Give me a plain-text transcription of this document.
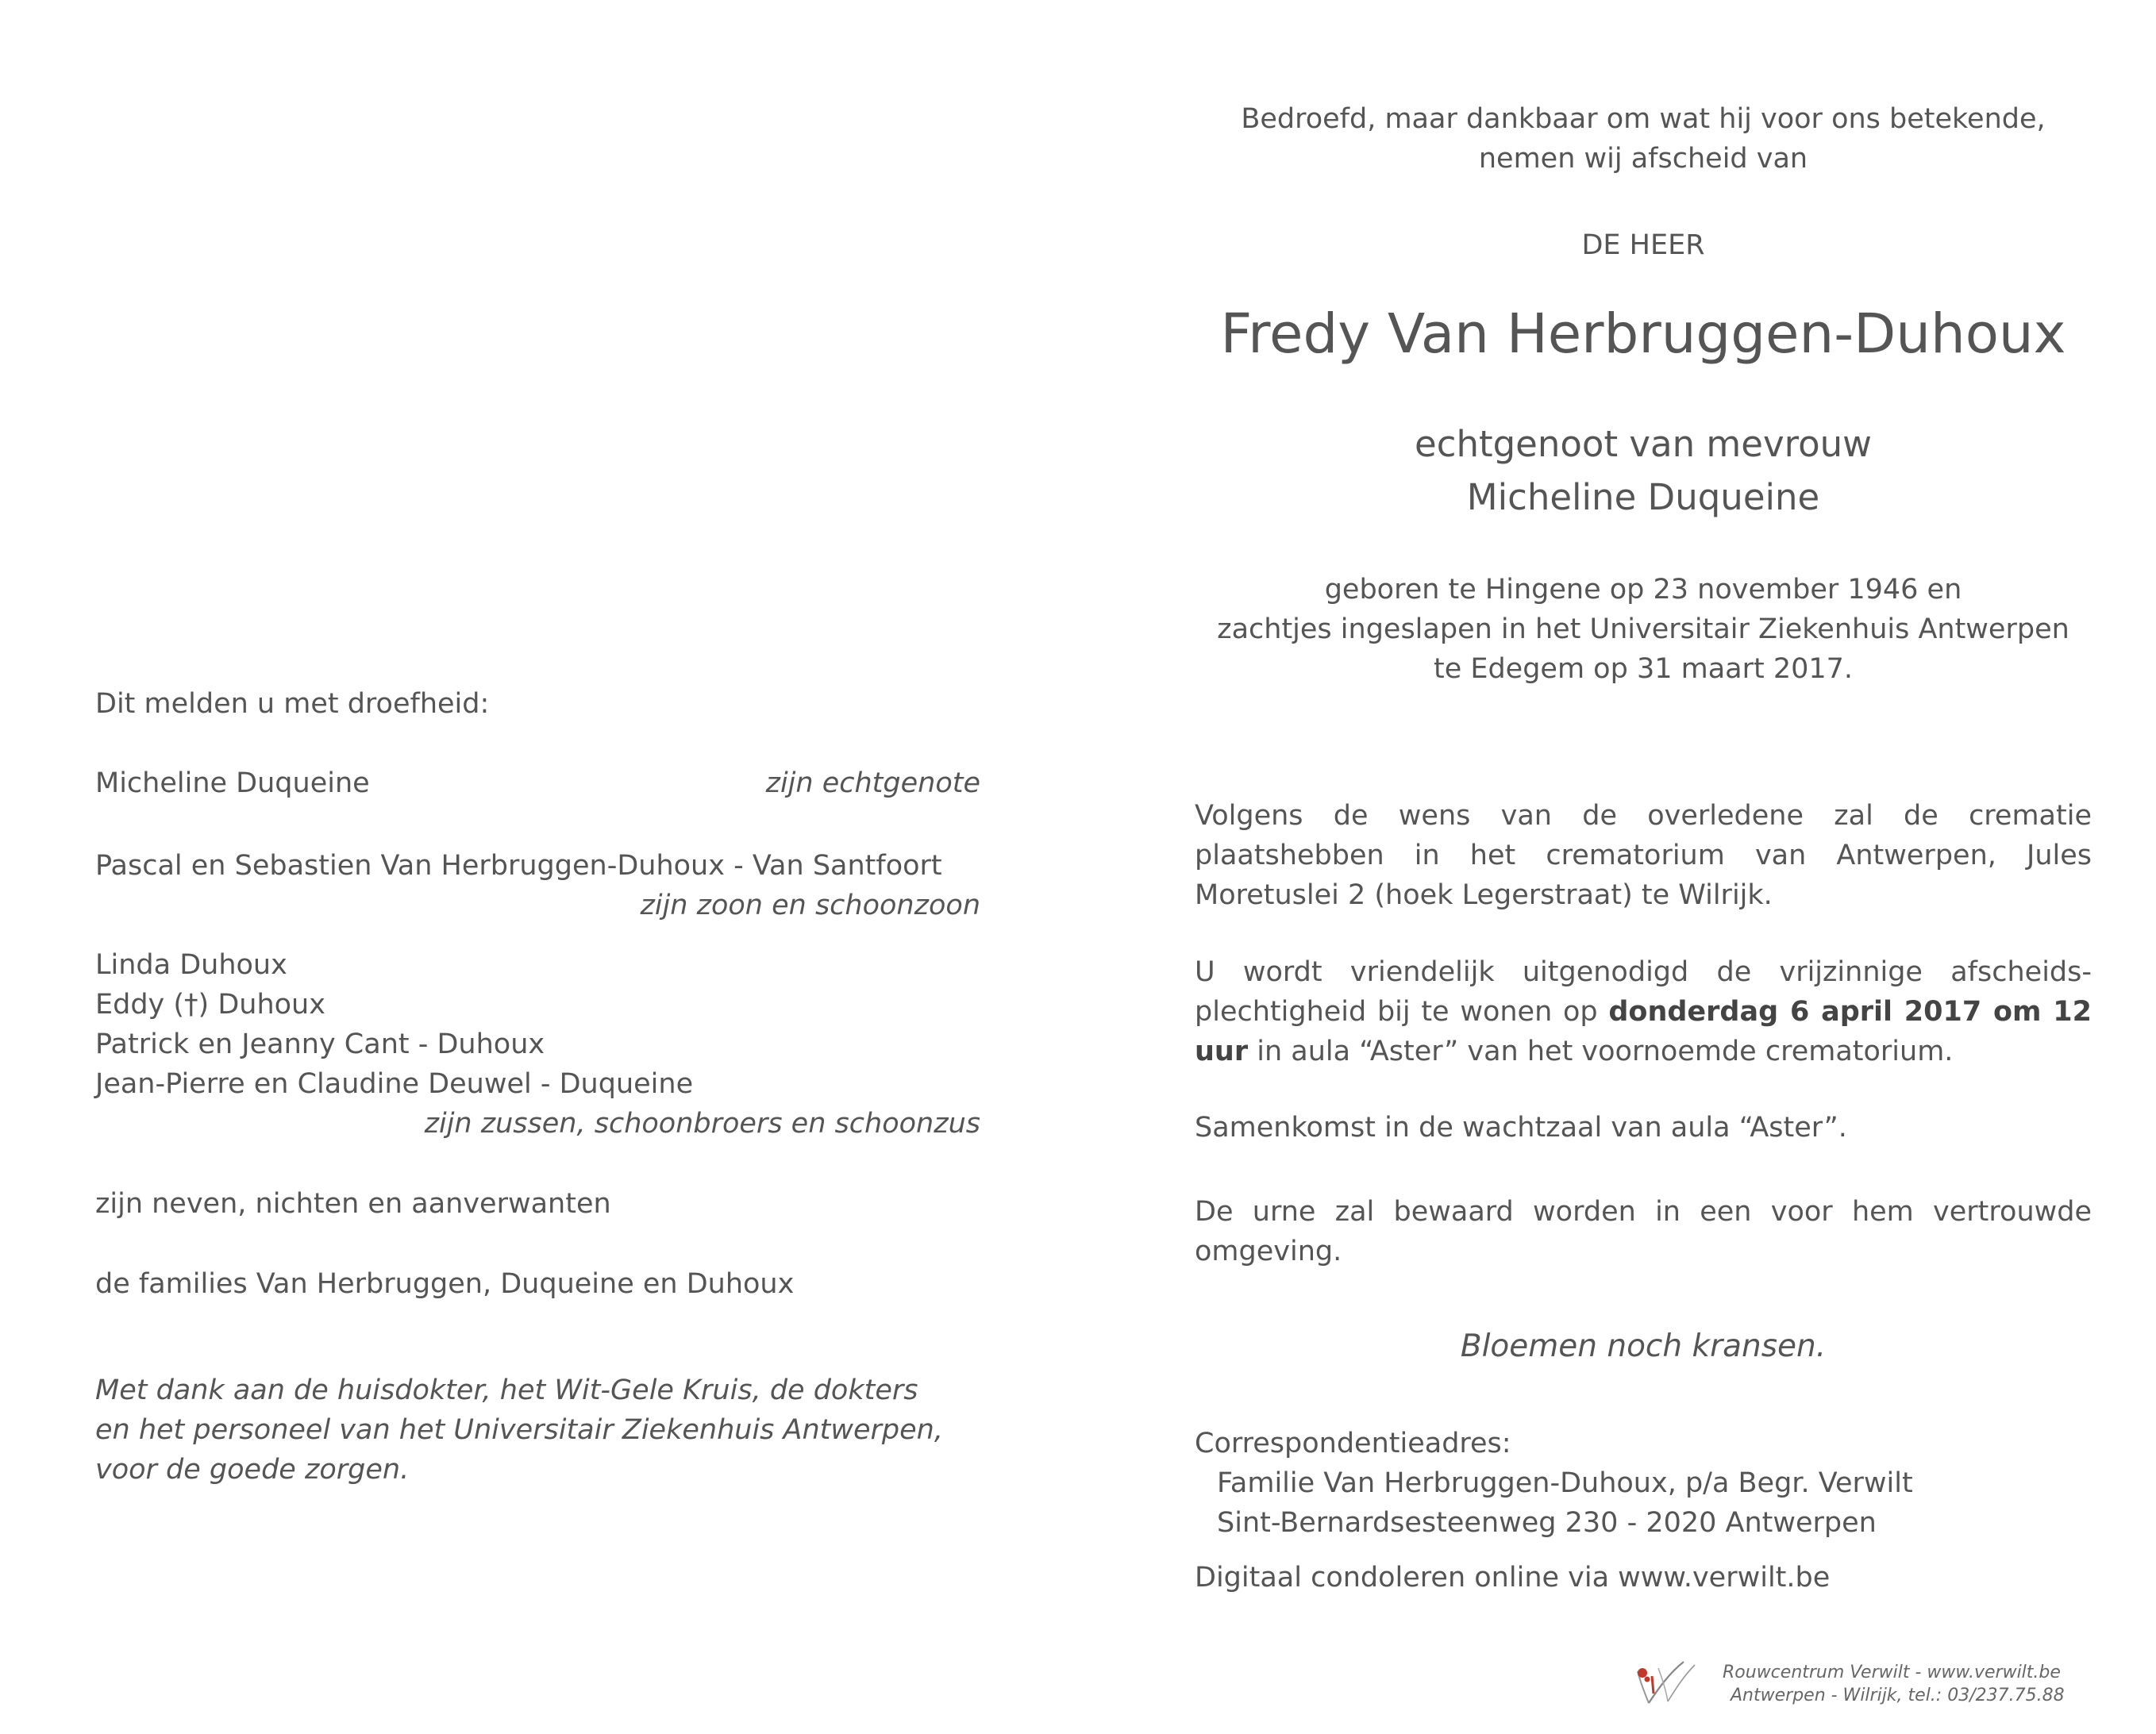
Dit melden u met droefheid:
Micheline Duqueine	zijn echtgenote
Pascal en Sebastien Van Herbruggen-Duhoux - Van Santfoort
zijn zoon en schoonzoon
Linda Duhoux
Eddy (†) Duhoux
Patrick en Jeanny Cant - Duhoux
Jean-Pierre en Claudine Deuwel - Duqueine
zijn zussen, schoonbroers en schoonzus
zijn neven, nichten en aanverwanten
de families Van Herbruggen, Duqueine en Duhoux
Met dank aan de huisdokter, het Wit-Gele Kruis, de dokters
en het personeel van het Universitair Ziekenhuis Antwerpen,
voor de goede zorgen.
Bedroefd, maar dankbaar om wat hij voor ons betekende,
nemen wij afscheid van
DE HEER
Fredy Van Herbruggen-Duhoux
echtgenoot van mevrouw
Micheline Duqueine
geboren te Hingene op 23 november 1946 en
zachtjes ingeslapen in het Universitair Ziekenhuis Antwerpen
te Edegem op 31 maart 2017.
Volgens de wens van de overledene zal de crematie plaatshebben in het crematorium van Antwerpen, Jules Moretuslei 2 (hoek Legerstraat) te Wilrijk.
U wordt vriendelijk uitgenodigd de vrijzinnige afscheids-plechtigheid bij te wonen op donderdag 6 april 2017 om 12 uur in aula “Aster” van het voornoemde crematorium.
Samenkomst in de wachtzaal van aula “Aster”.
De urne zal bewaard worden in een voor hem vertrouwde omgeving.
Bloemen noch kransen.
Correspondentieadres:
Familie Van Herbruggen-Duhoux, p/a Begr. Verwilt
Sint-Bernardsesteenweg 230 - 2020 Antwerpen
Digitaal condoleren online via www.verwilt.be
Rouwcentrum Verwilt - www.verwilt.be
Antwerpen - Wilrijk, tel.: 03/237.75.88
